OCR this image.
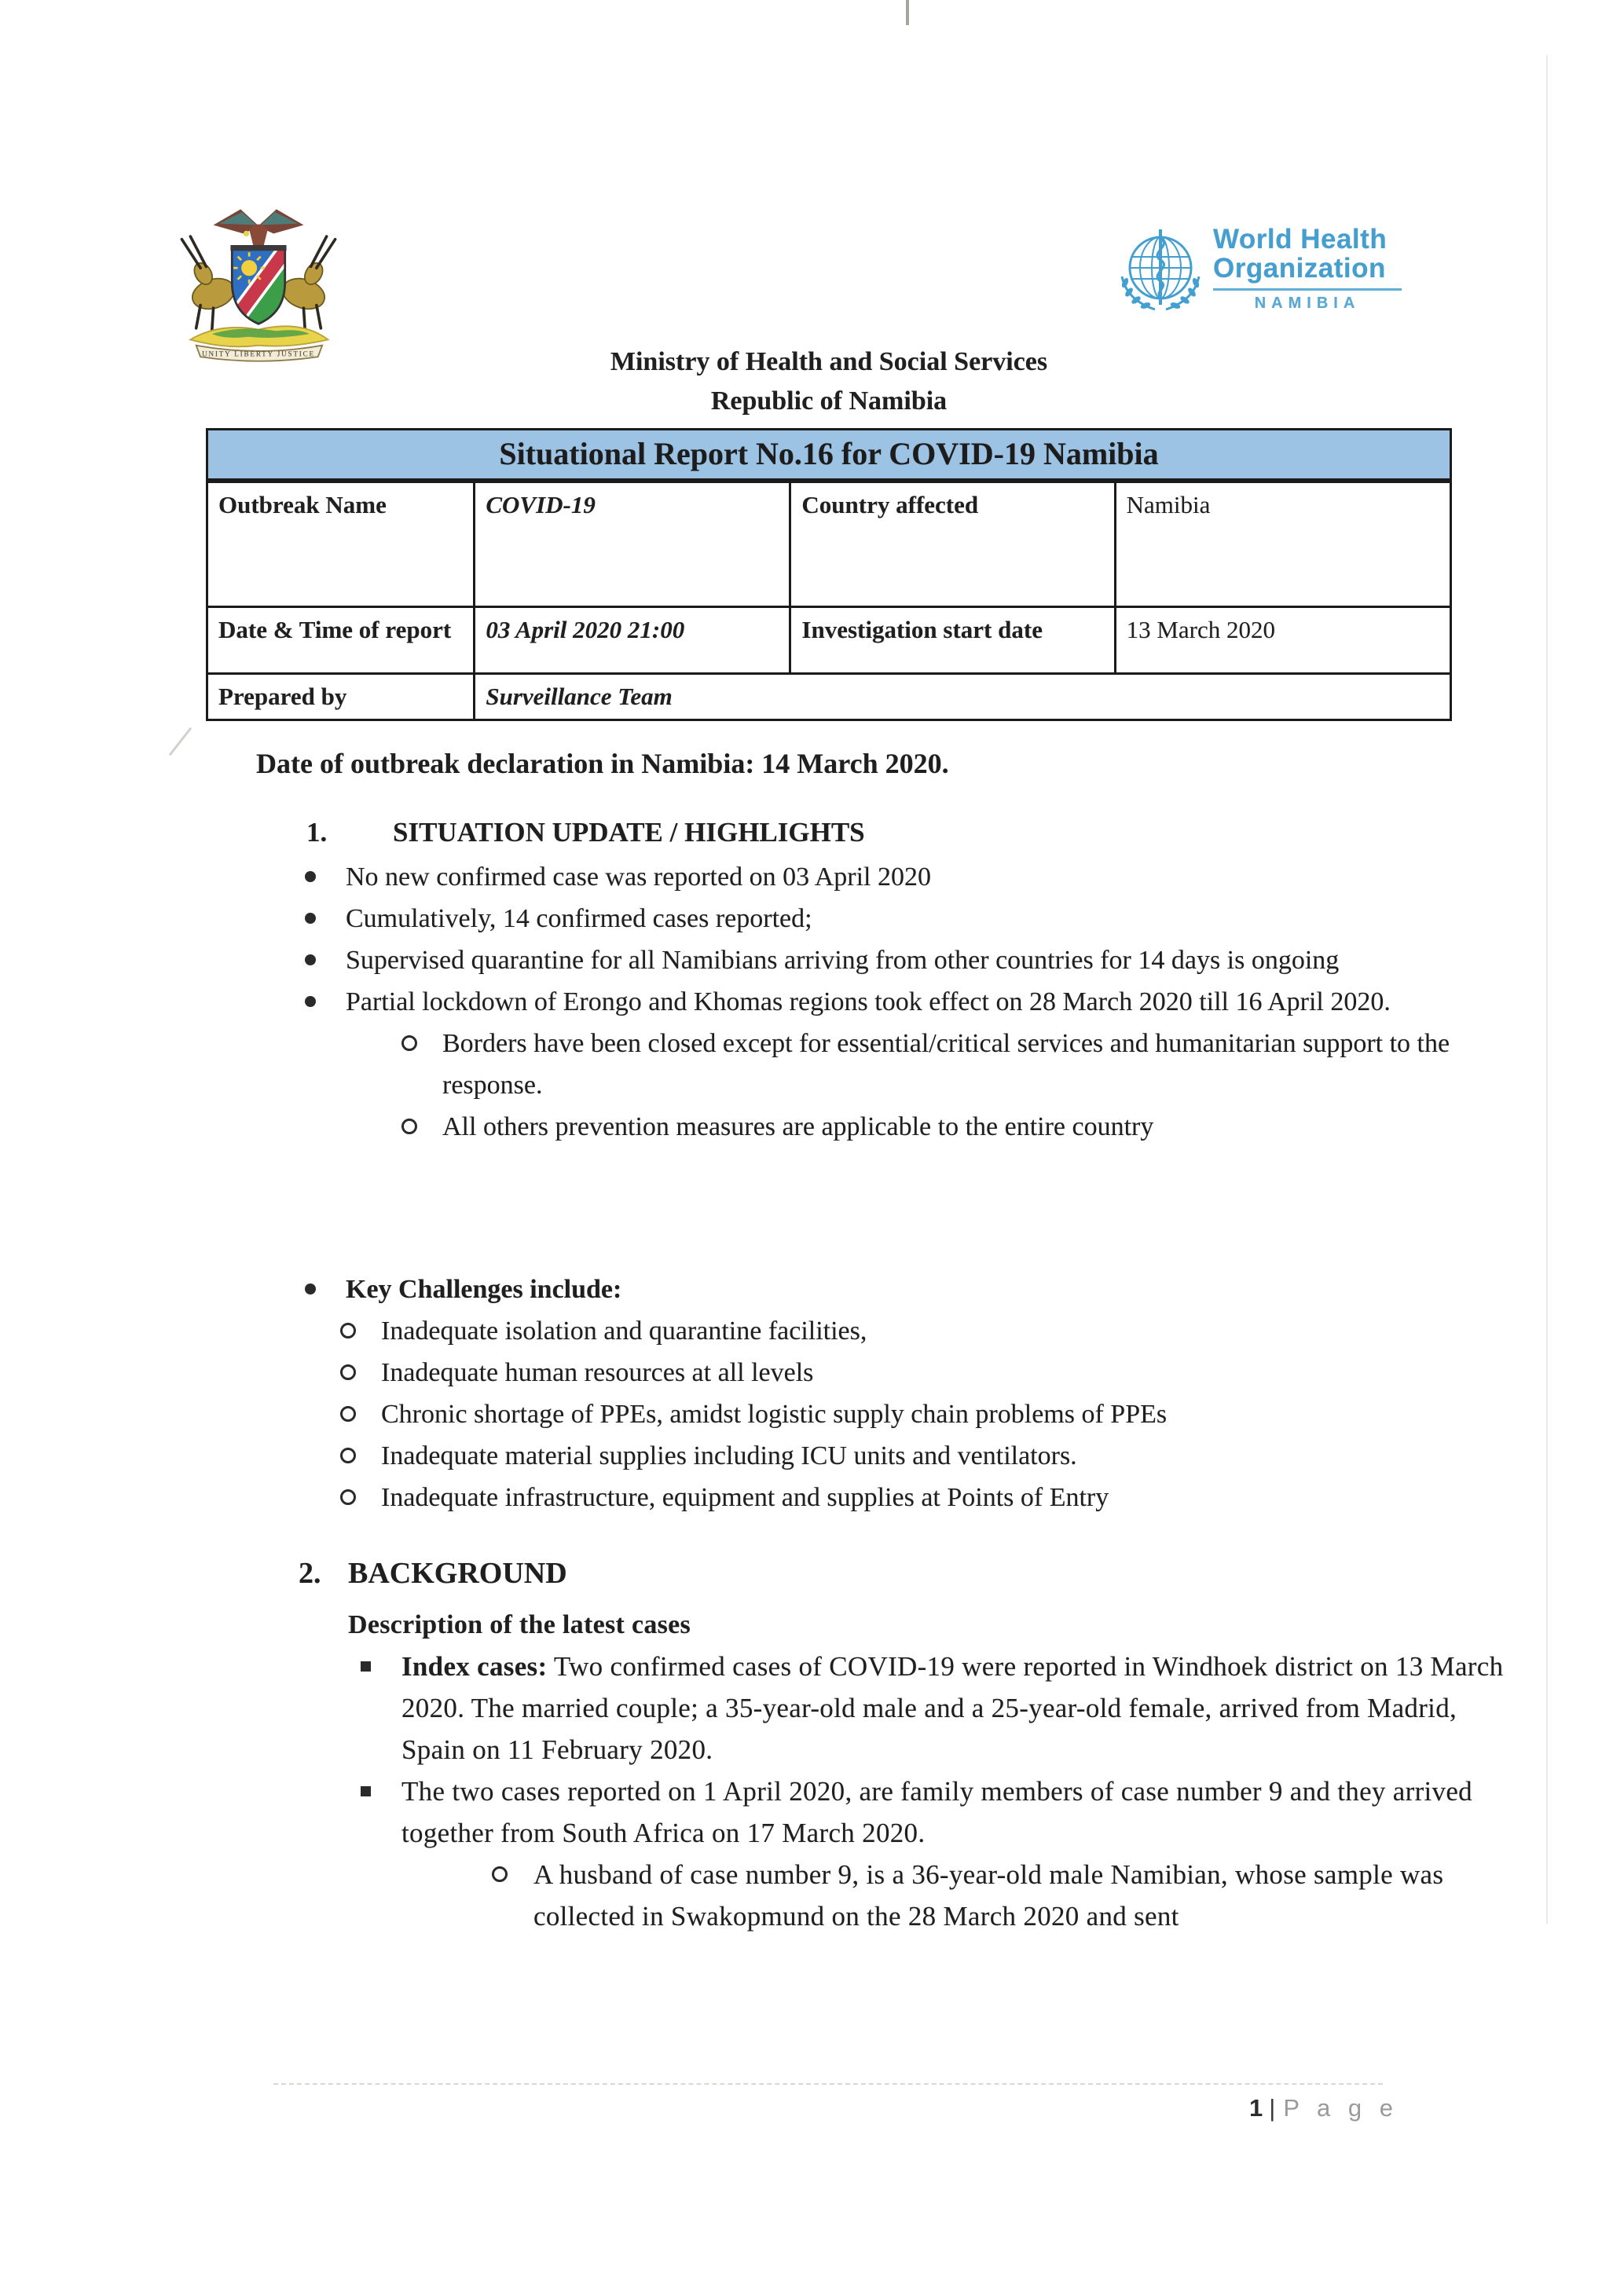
UNITY LIBERTY JUSTICE
World Health
Organization
NAMIBIA
Ministry of Health and Social Services
Republic of Namibia
Situational Report No.16 for COVID-19 Namibia
Outbreak Name	COVID-19	Country affected	Namibia
Date & Time of report	03 April 2020 21:00	Investigation start date	13 March 2020
Prepared by	Surveillance Team		
Date of outbreak declaration in Namibia: 14 March 2020.
1. SITUATION UPDATE / HIGHLIGHTS
No new confirmed case was reported on 03 April 2020
Cumulatively, 14 confirmed cases reported;
Supervised quarantine for all Namibians arriving from other countries for 14 days is ongoing
Partial lockdown of Erongo and Khomas regions took effect on 28 March 2020 till 16 April 2020.
Borders have been closed except for essential/critical services and humanitarian support to the response.
All others prevention measures are applicable to the entire country
Key Challenges include:
Inadequate isolation and quarantine facilities,
Inadequate human resources at all levels
Chronic shortage of PPEs, amidst logistic supply chain problems of PPEs
Inadequate material supplies including ICU units and ventilators.
Inadequate infrastructure, equipment and supplies at Points of Entry
2. BACKGROUND
Description of the latest cases
Index cases: Two confirmed cases of COVID-19 were reported in Windhoek district on 13 March 2020. The married couple; a 35-year-old male and a 25-year-old female, arrived from Madrid, Spain on 11 February 2020.
The two cases reported on 1 April 2020, are family members of case number 9 and they arrived together from South Africa on 17 March 2020.
A husband of case number 9, is a 36-year-old male Namibian, whose sample was collected in Swakopmund on the 28 March 2020 and sent
1 | P a g e
